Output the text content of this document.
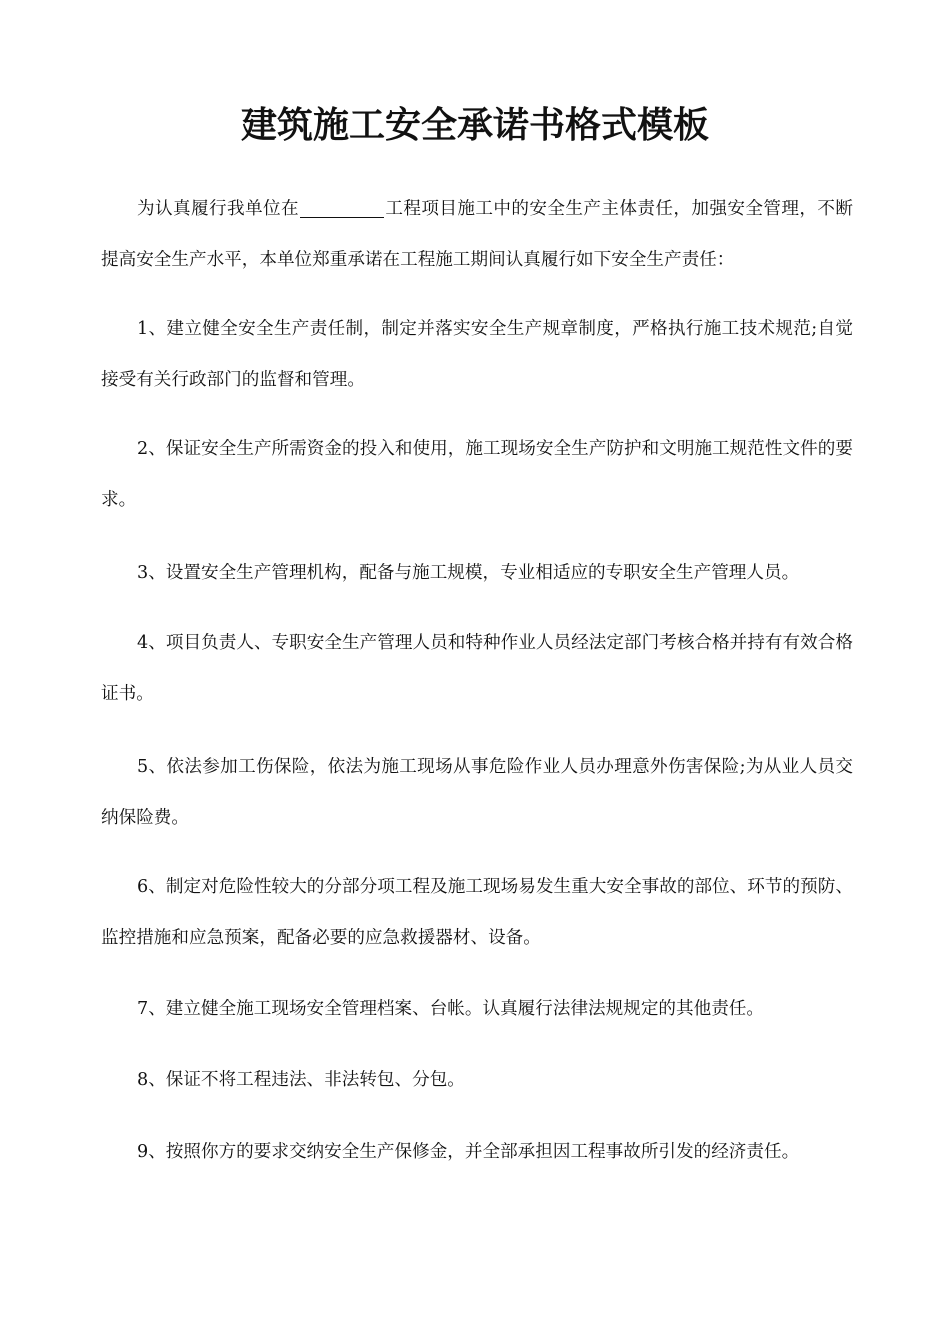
建筑施工安全承诺书格式模板

为认真履行我单位在	工程项目施工中的安全生产主体责任，加强安全管理，不断提高安全生产水平，本单位郑重承诺在工程施工期间认真履行如下安全生产责任：

1、建立健全安全生产责任制，制定并落实安全生产规章制度，严格执行施工技术规范;自觉接受有关行政部门的监督和管理。

2、保证安全生产所需资金的投入和使用，施工现场安全生产防护和文明施工规范性文件的要求。

3、设置安全生产管理机构，配备与施工规模，专业相适应的专职安全生产管理人员。

4、项目负责人、专职安全生产管理人员和特种作业人员经法定部门考核合格并持有有效合格证书。

5、依法参加工伤保险，依法为施工现场从事危险作业人员办理意外伤害保险;为从业人员交纳保险费。

6、制定对危险性较大的分部分项工程及施工现场易发生重大安全事故的部位、环节的预防、监控措施和应急预案，配备必要的应急救援器材、设备。

7、建立健全施工现场安全管理档案、台帐。认真履行法律法规规定的其他责任。

8、保证不将工程违法、非法转包、分包。

9、按照你方的要求交纳安全生产保修金，并全部承担因工程事故所引发的经济责任。
